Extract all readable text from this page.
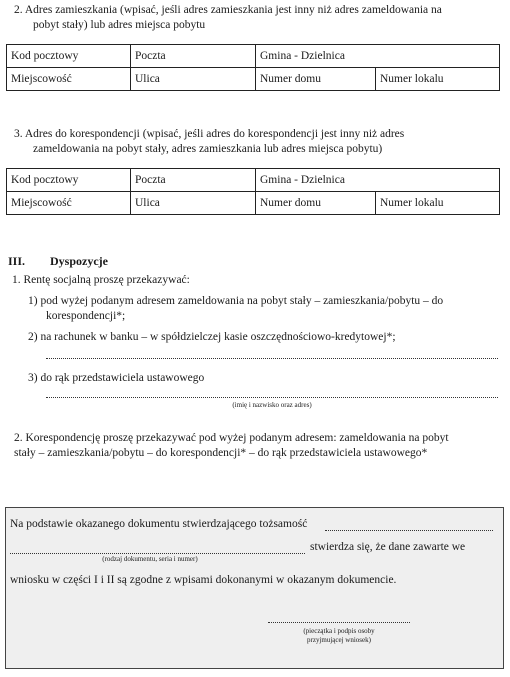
2. Adres zamieszkania (wpisać, jeśli adres zamieszkania jest inny niż adres zameldowania na
pobyt stały) lub adres miejsca pobytu
Kod pocztowy	Poczta	Gmina - Dzielnica	
Miejscowość	Ulica	Numer domu	Numer lokalu
3. Adres do korespondencji (wpisać, jeśli adres do korespondencji jest inny niż adres
zameldowania na pobyt stały, adres zamieszkania lub adres miejsca pobytu)
Kod pocztowy	Poczta	Gmina - Dzielnica	
Miejscowość	Ulica	Numer domu	Numer lokalu
III. Dyspozycje
1. Rentę socjalną proszę przekazywać:
1) pod wyżej podanym adresem zameldowania na pobyt stały – zamieszkania/pobytu – do
korespondencji*;
2) na rachunek w banku – w spółdzielczej kasie oszczędnościowo-kredytowej*;
3) do rąk przedstawiciela ustawowego
(imię i nazwisko oraz adres)
2. Korespondencję proszę przekazywać pod wyżej podanym adresem: zameldowania na pobyt
stały – zamieszkania/pobytu – do korespondencji* – do rąk przedstawiciela ustawowego*
Na podstawie okazanego dokumentu stwierdzającego tożsamość
stwierdza się, że dane zawarte we
(rodzaj dokumentu, seria i numer)
wniosku w części I i II są zgodne z wpisami dokonanymi w okazanym dokumencie.
(pieczątka i podpis osoby
przyjmującej wniosek)
